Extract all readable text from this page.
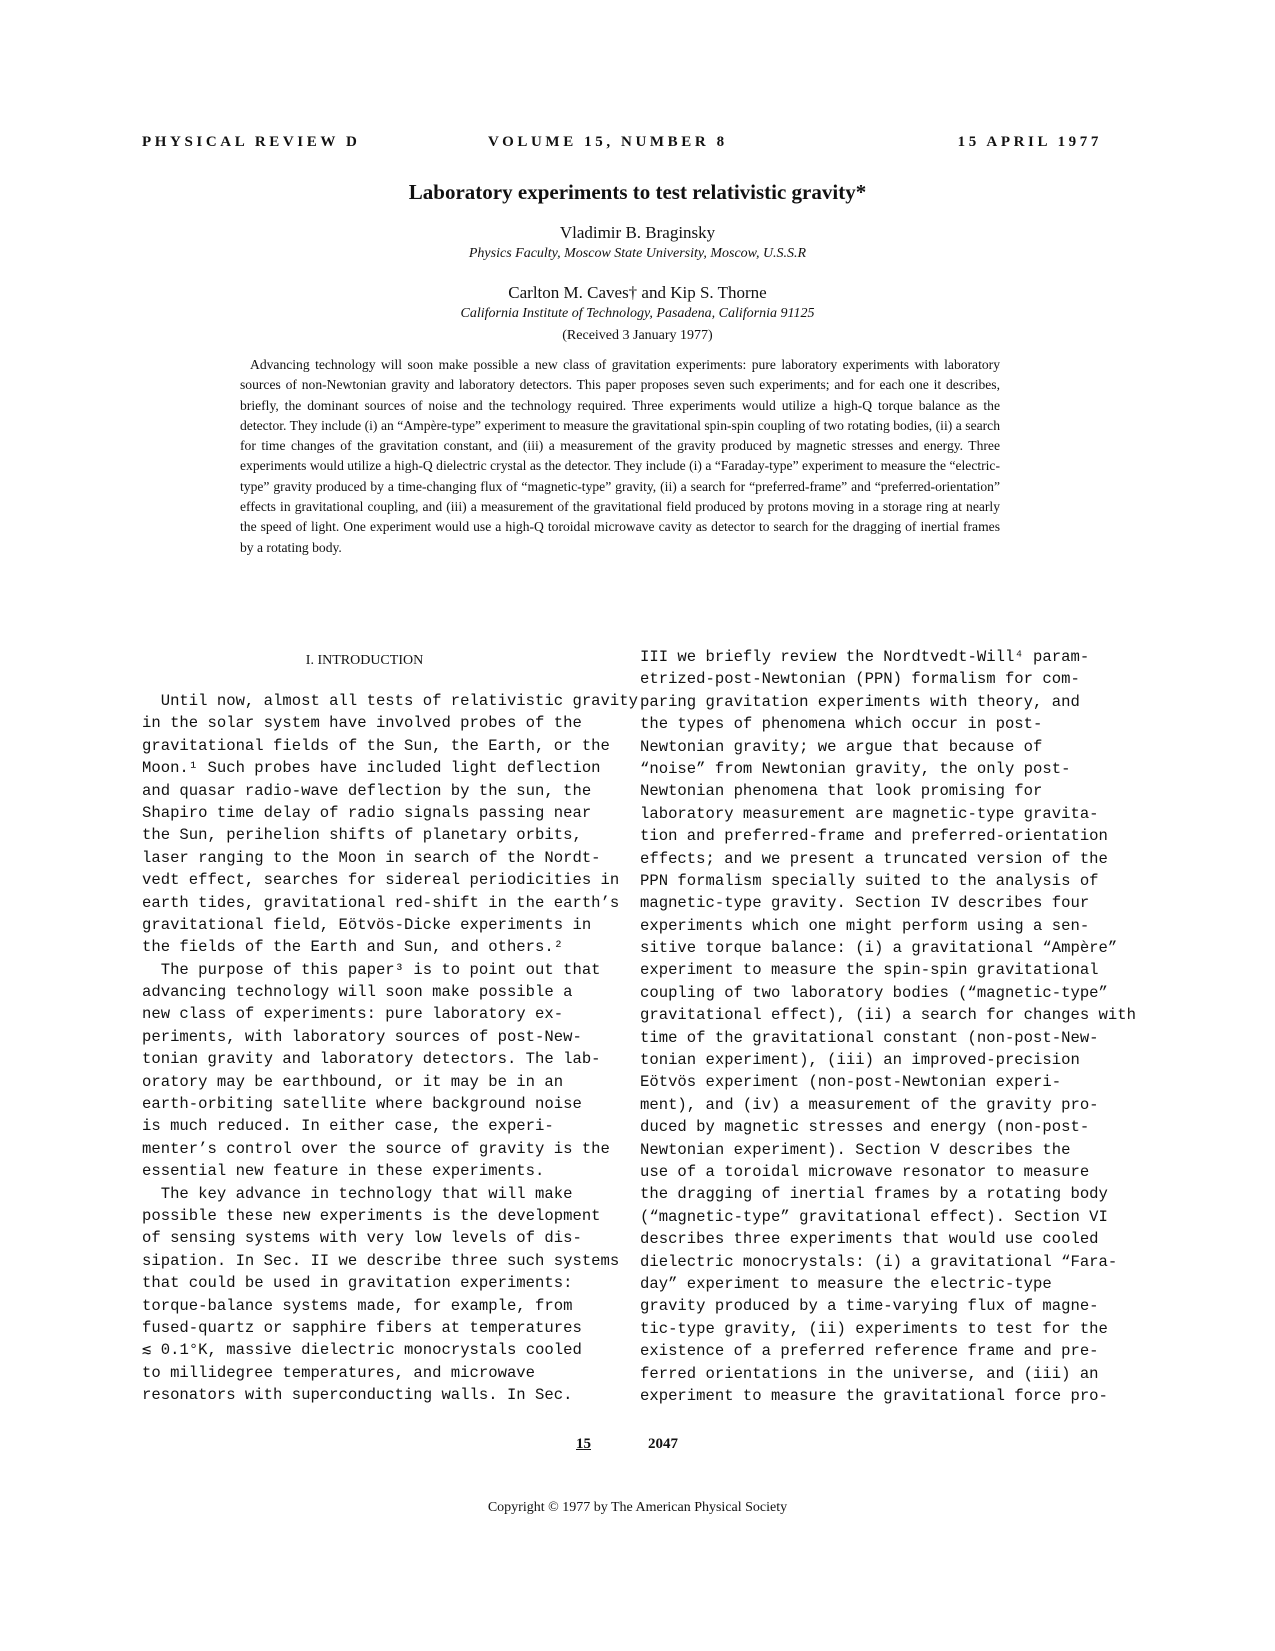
PHYSICAL REVIEW D	VOLUME 15, NUMBER 8	15 APRIL 1977
Laboratory experiments to test relativistic gravity*
Vladimir B. Braginsky
Physics Faculty, Moscow State University, Moscow, U.S.S.R
Carlton M. Caves† and Kip S. Thorne
California Institute of Technology, Pasadena, California 91125
(Received 3 January 1977)
Advancing technology will soon make possible a new class of gravitation experiments: pure laboratory experiments with laboratory sources of non-Newtonian gravity and laboratory detectors. This paper proposes seven such experiments; and for each one it describes, briefly, the dominant sources of noise and the technology required. Three experiments would utilize a high-Q torque balance as the detector. They include (i) an “Ampère-type” experiment to measure the gravitational spin-spin coupling of two rotating bodies, (ii) a search for time changes of the gravitation constant, and (iii) a measurement of the gravity produced by magnetic stresses and energy. Three experiments would utilize a high-Q dielectric crystal as the detector. They include (i) a “Faraday-type” experiment to measure the “electric-type” gravity produced by a time-changing flux of “magnetic-type” gravity, (ii) a search for “preferred-frame” and “preferred-orientation” effects in gravitational coupling, and (iii) a measurement of the gravitational field produced by protons moving in a storage ring at nearly the speed of light. One experiment would use a high-Q toroidal microwave cavity as detector to search for the dragging of inertial frames by a rotating body.
I. INTRODUCTION
Until now, almost all tests of relativistic gravity
in the solar system have involved probes of the
gravitational fields of the Sun, the Earth, or the
Moon.¹ Such probes have included light deflection
and quasar radio-wave deflection by the sun, the
Shapiro time delay of radio signals passing near
the Sun, perihelion shifts of planetary orbits,
laser ranging to the Moon in search of the Nordt-
vedt effect, searches for sidereal periodicities in
earth tides, gravitational red-shift in the earth’s
gravitational field, Eötvös-Dicke experiments in
the fields of the Earth and Sun, and others.²
The purpose of this paper³ is to point out that
advancing technology will soon make possible a
new class of experiments: pure laboratory ex-
periments, with laboratory sources of post-New-
tonian gravity and laboratory detectors. The lab-
oratory may be earthbound, or it may be in an
earth-orbiting satellite where background noise
is much reduced. In either case, the experi-
menter’s control over the source of gravity is the
essential new feature in these experiments.
The key advance in technology that will make
possible these new experiments is the development
of sensing systems with very low levels of dis-
sipation. In Sec. II we describe three such systems
that could be used in gravitation experiments:
torque-balance systems made, for example, from
fused-quartz or sapphire fibers at temperatures
≲ 0.1°K, massive dielectric monocrystals cooled
to millidegree temperatures, and microwave
resonators with superconducting walls. In Sec.
III we briefly review the Nordtvedt-Will⁴ param-
etrized-post-Newtonian (PPN) formalism for com-
paring gravitation experiments with theory, and
the types of phenomena which occur in post-
Newtonian gravity; we argue that because of
“noise” from Newtonian gravity, the only post-
Newtonian phenomena that look promising for
laboratory measurement are magnetic-type gravita-
tion and preferred-frame and preferred-orientation
effects; and we present a truncated version of the
PPN formalism specially suited to the analysis of
magnetic-type gravity. Section IV describes four
experiments which one might perform using a sen-
sitive torque balance: (i) a gravitational “Ampère”
experiment to measure the spin-spin gravitational
coupling of two laboratory bodies (“magnetic-type”
gravitational effect), (ii) a search for changes with
time of the gravitational constant (non-post-New-
tonian experiment), (iii) an improved-precision
Eötvös experiment (non-post-Newtonian experi-
ment), and (iv) a measurement of the gravity pro-
duced by magnetic stresses and energy (non-post-
Newtonian experiment). Section V describes the
use of a toroidal microwave resonator to measure
the dragging of inertial frames by a rotating body
(“magnetic-type” gravitational effect). Section VI
describes three experiments that would use cooled
dielectric monocrystals: (i) a gravitational “Fara-
day” experiment to measure the electric-type
gravity produced by a time-varying flux of magne-
tic-type gravity, (ii) experiments to test for the
existence of a preferred reference frame and pre-
ferred orientations in the universe, and (iii) an
experiment to measure the gravitational force pro-
15	2047
Copyright © 1977 by The American Physical Society
